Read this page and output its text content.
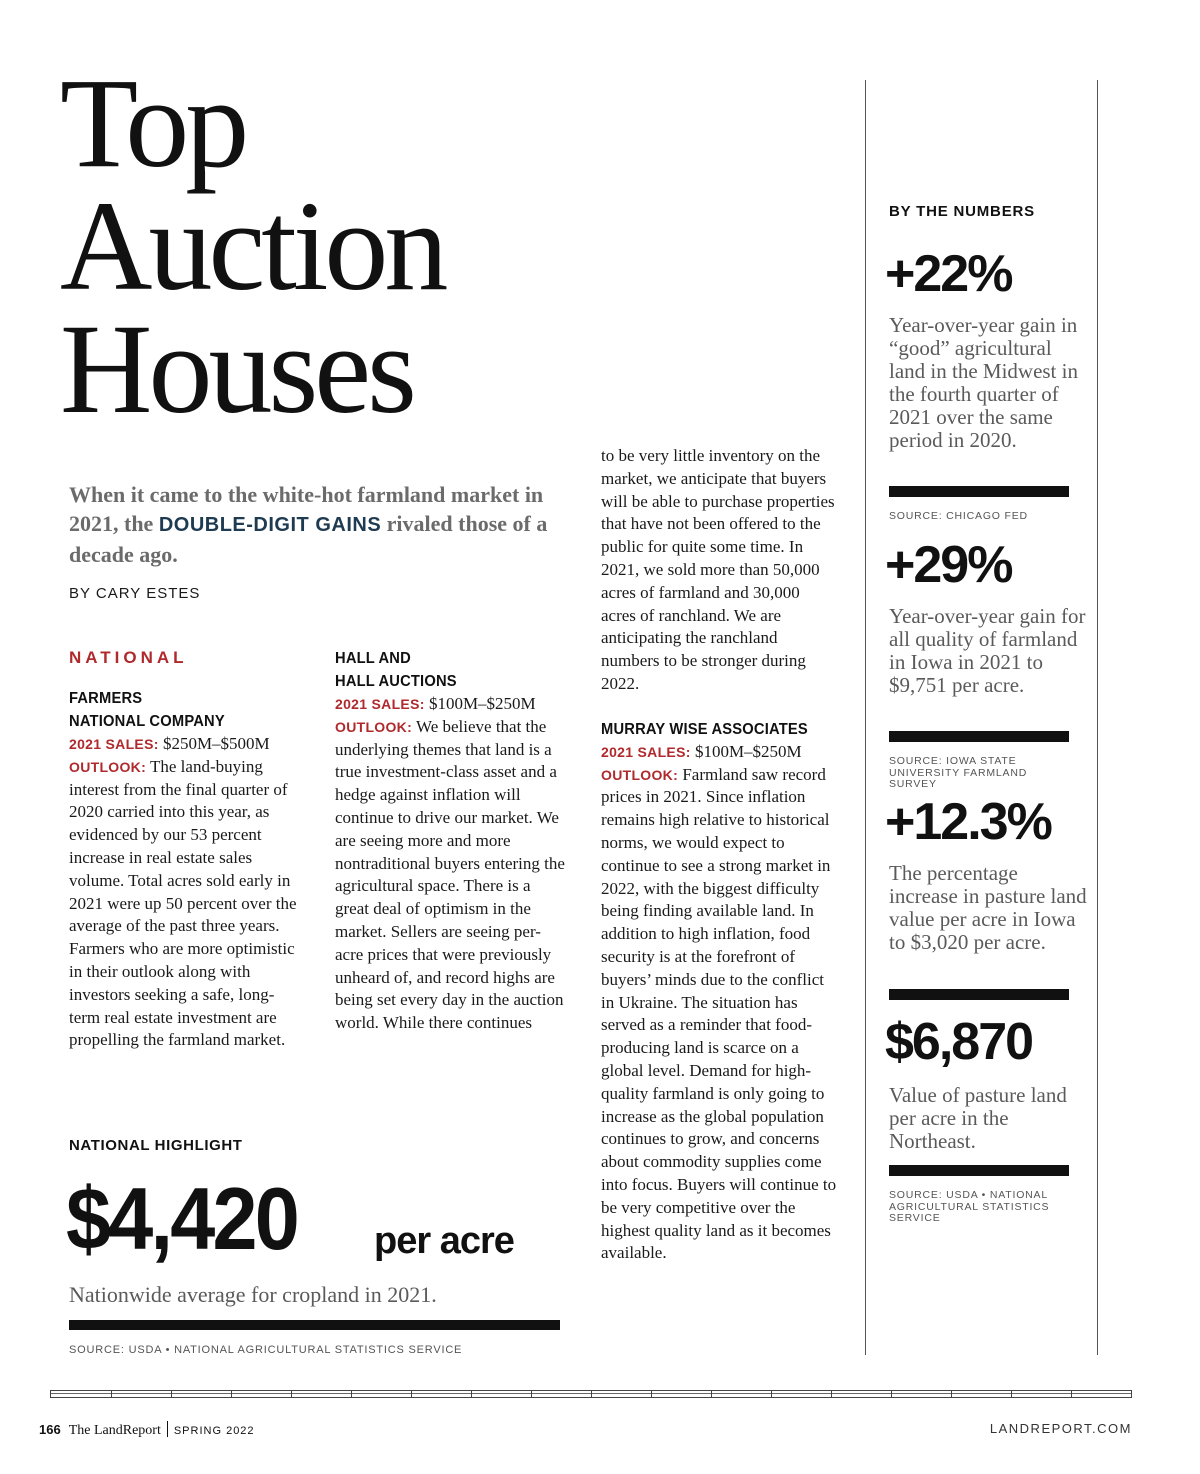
Top
Auction
Houses
When it came to the white-hot farmland market in 2021, the DOUBLE-DIGIT GAINS rivaled those of a decade ago.
BY CARY ESTES
NATIONAL
FARMERS
NATIONAL COMPANY

2021 SALES: $250M–$500M

OUTLOOK: The land-buying interest from the final quarter of 2020 carried into this year, as evidenced by our 53 percent increase in real estate sales volume. Total acres sold early in 2021 were up 50 percent over the average of the past three years. Farmers who are more optimistic in their outlook along with investors seeking a safe, long-term real estate investment are propelling the farmland market.

HALL AND
HALL AUCTIONS

2021 SALES: $100M–$250M

OUTLOOK: We believe that the underlying themes that land is a true investment-class asset and a hedge against inflation will continue to drive our market. We are seeing more and more nontraditional buyers entering the agricultural space. There is a great deal of optimism in the market. Sellers are seeing per-acre prices that were previously unheard of, and record highs are being set every day in the auction world. While there continues

to be very little inventory on the market, we anticipate that buyers will be able to purchase properties that have not been offered to the public for quite some time. In 2021, we sold more than 50,000 acres of farmland and 30,000 acres of ranchland. We are anticipating the ranchland numbers to be stronger during 2022.

MURRAY WISE ASSOCIATES

2021 SALES: $100M–$250M

OUTLOOK: Farmland saw record prices in 2021. Since inflation remains high relative to historical norms, we would expect to continue to see a strong market in 2022, with the biggest difficulty being finding available land. In addition to high inflation, food security is at the forefront of buyers’ minds due to the conflict in Ukraine. The situation has served as a reminder that food-producing land is scarce on a global level. Demand for high-quality farmland is only going to increase as the global population continues to grow, and concerns about commodity supplies come into focus. Buyers will continue to be very competitive over the highest quality land as it becomes available.

NATIONAL HIGHLIGHT
$4,420 per acre
Nationwide average for cropland in 2021.
SOURCE: USDA • NATIONAL AGRICULTURAL STATISTICS SERVICE
BY THE NUMBERS
+22%
Year-over-year gain in “good” agricultural land in the Midwest in the fourth quarter of 2021 over the same period in 2020.
SOURCE: CHICAGO FED
+29%
Year-over-year gain for all quality of farmland in Iowa in 2021 to $9,751 per acre.
SOURCE: IOWA STATE UNIVERSITY FARMLAND SURVEY
+12.3%
The percentage increase in pasture land value per acre in Iowa to $3,020 per acre.
$6,870
Value of pasture land per acre in the Northeast.
SOURCE: USDA • NATIONAL AGRICULTURAL STATISTICS SERVICE
166 The LandReport SPRING 2022	LANDREPORT.COM
